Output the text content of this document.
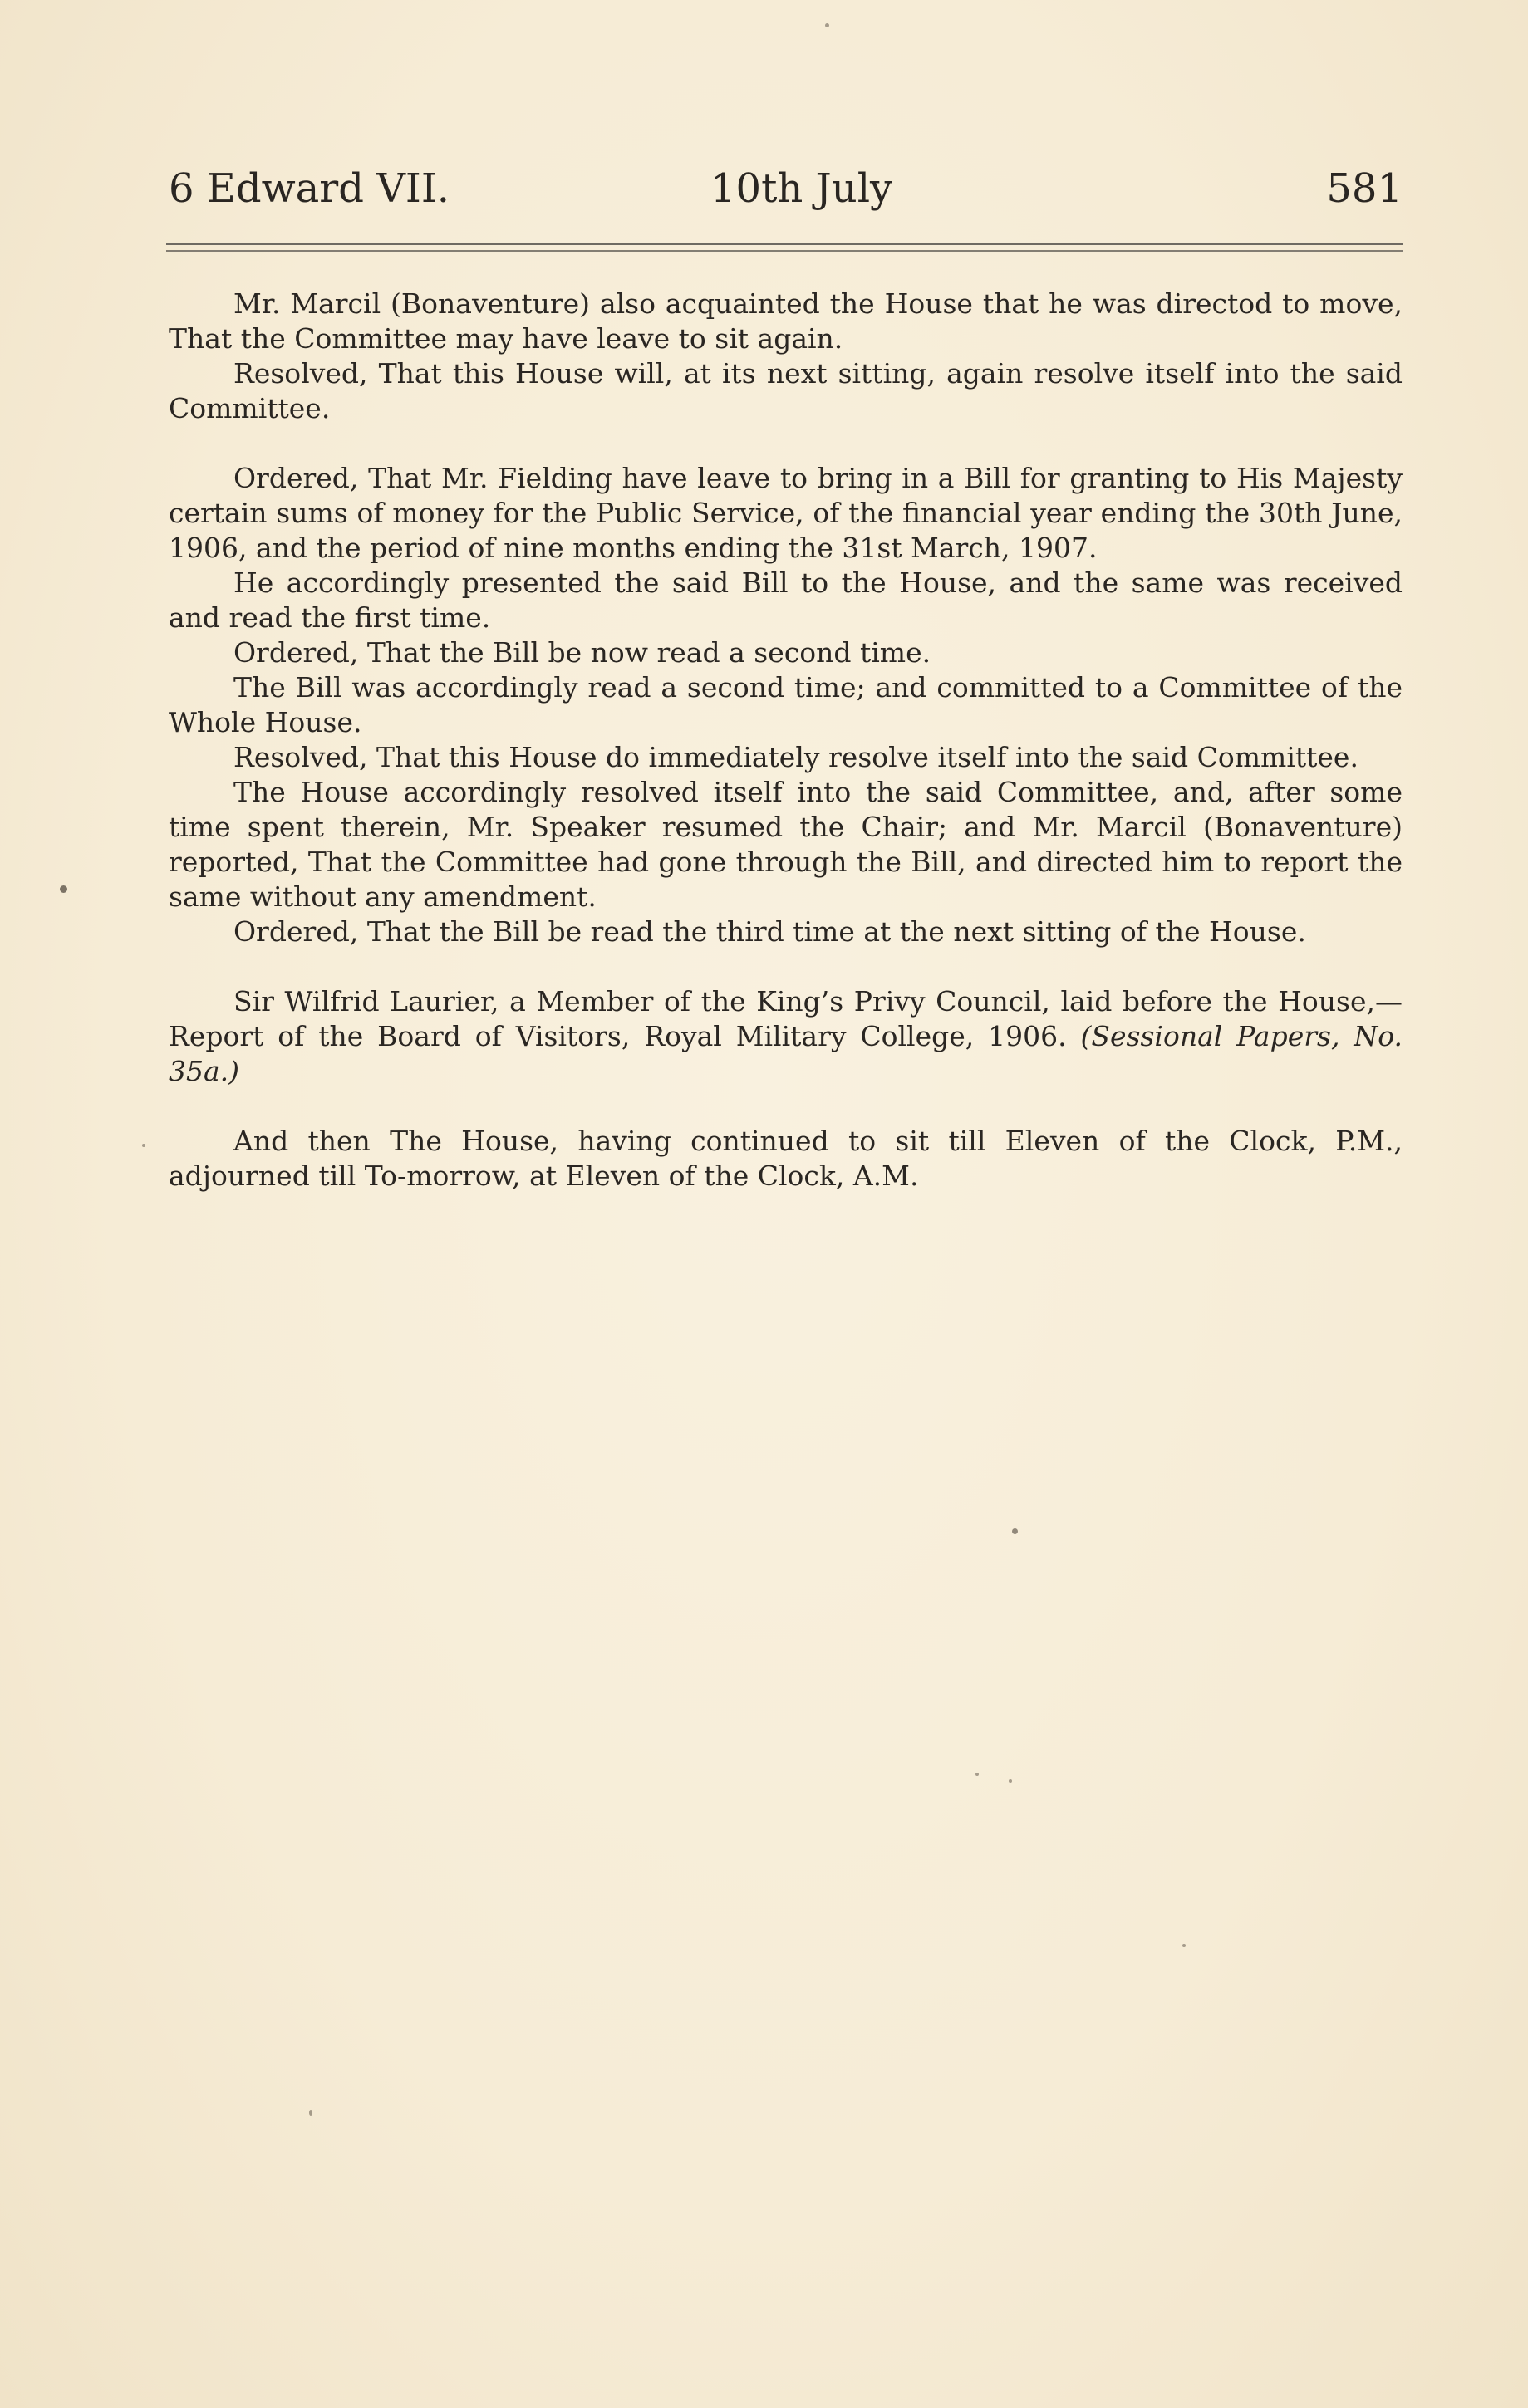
6 Edward VII.	10th July	581

Mr. Marcil (Bonaventure) also acquainted the House that he was directod to move, That the Committee may have leave to sit again.

Resolved, That this House will, at its next sitting, again resolve itself into the said Committee.

Ordered, That Mr. Fielding have leave to bring in a Bill for granting to His Majesty certain sums of money for the Public Service, of the financial year ending the 30th June, 1906, and the period of nine months ending the 31st March, 1907.

He accordingly presented the said Bill to the House, and the same was received and read the first time.

Ordered, That the Bill be now read a second time.

The Bill was accordingly read a second time; and committed to a Committee of the Whole House.

Resolved, That this House do immediately resolve itself into the said Committee.

The House accordingly resolved itself into the said Committee, and, after some time spent therein, Mr. Speaker resumed the Chair; and Mr. Marcil (Bonaventure) reported, That the Committee had gone through the Bill, and directed him to report the same without any amendment.

Ordered, That the Bill be read the third time at the next sitting of the House.

Sir Wilfrid Laurier, a Member of the King’s Privy Council, laid before the House,—Report of the Board of Visitors, Royal Military College, 1906. (Sessional Papers, No. 35a.)

And then The House, having continued to sit till Eleven of the Clock, P.M., adjourned till To-morrow, at Eleven of the Clock, A.M.
